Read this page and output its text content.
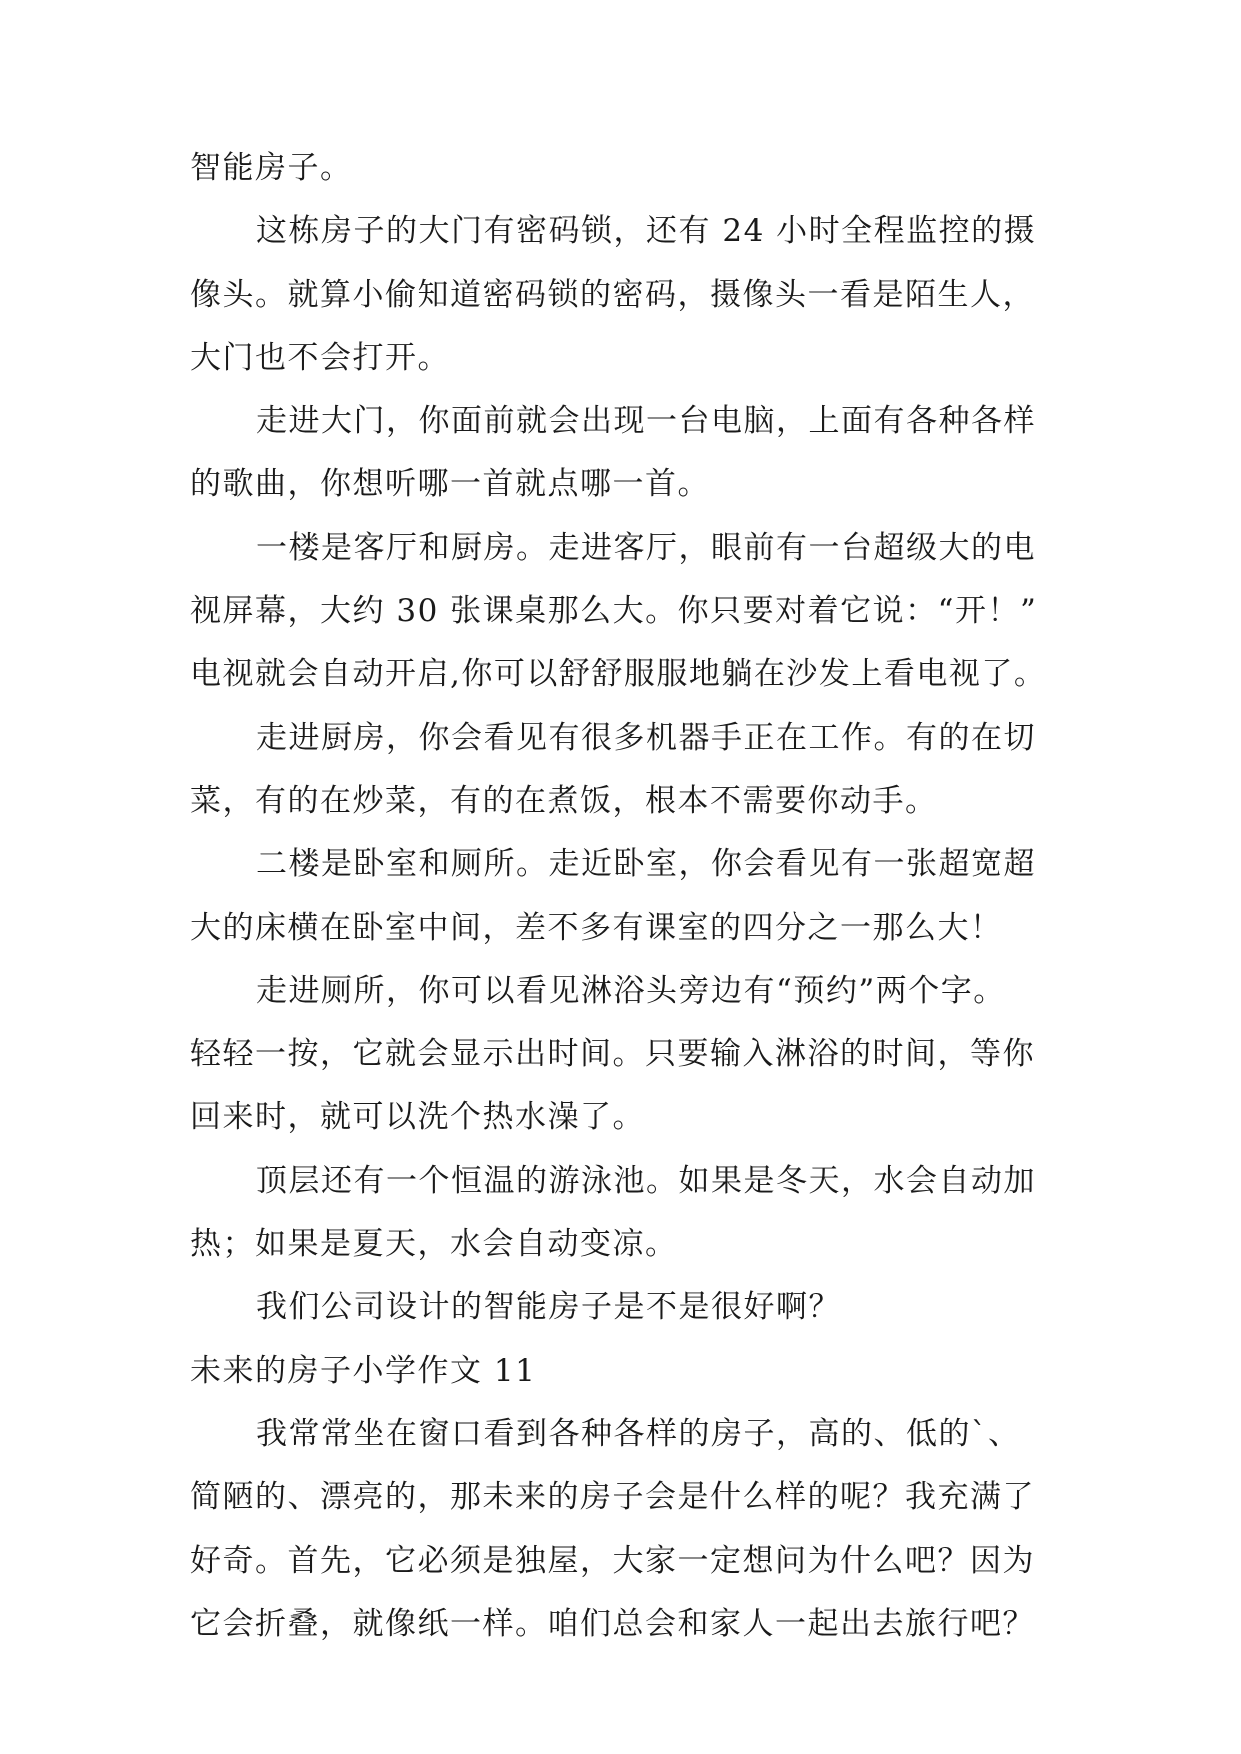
智能房子。
这栋房子的大门有密码锁，还有 24 小时全程监控的摄
像头。就算小偷知道密码锁的密码，摄像头一看是陌生人，
大门也不会打开。
走进大门，你面前就会出现一台电脑，上面有各种各样
的歌曲，你想听哪一首就点哪一首。
一楼是客厅和厨房。走进客厅，眼前有一台超级大的电
视屏幕，大约 30 张课桌那么大。你只要对着它说：“开！”
电视就会自动开启,你可以舒舒服服地躺在沙发上看电视了。
走进厨房，你会看见有很多机器手正在工作。有的在切
菜，有的在炒菜，有的在煮饭，根本不需要你动手。
二楼是卧室和厕所。走近卧室，你会看见有一张超宽超
大的床横在卧室中间，差不多有课室的四分之一那么大！
走进厕所，你可以看见淋浴头旁边有“预约”两个字。
轻轻一按，它就会显示出时间。只要输入淋浴的时间，等你
回来时，就可以洗个热水澡了。
顶层还有一个恒温的游泳池。如果是冬天，水会自动加
热；如果是夏天，水会自动变凉。
我们公司设计的智能房子是不是很好啊？
未来的房子小学作文 11
我常常坐在窗口看到各种各样的房子，高的、低的`、
简陋的、漂亮的，那未来的房子会是什么样的呢？我充满了
好奇。首先，它必须是独屋，大家一定想问为什么吧？因为
它会折叠，就像纸一样。咱们总会和家人一起出去旅行吧？
